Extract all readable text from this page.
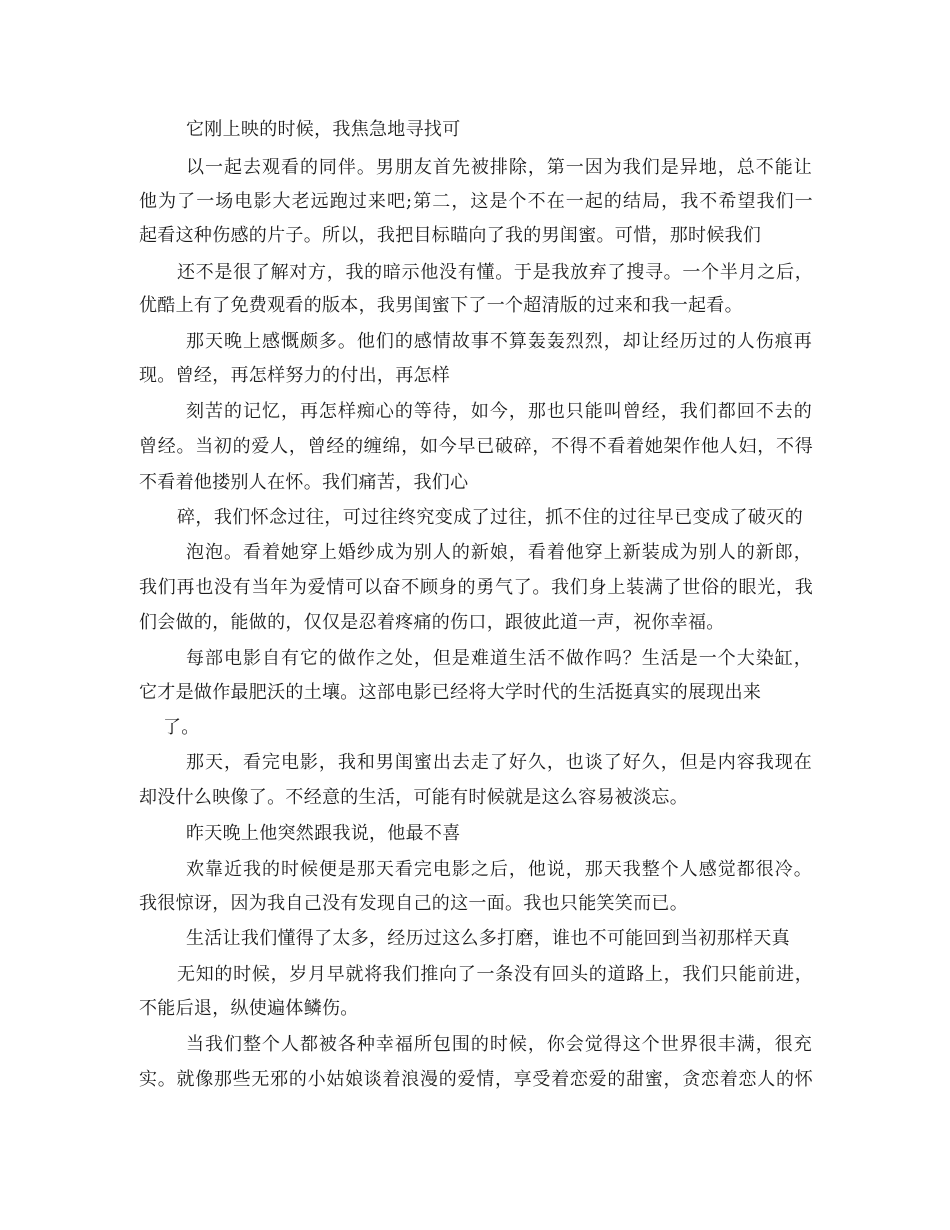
它刚上映的时候，我焦急地寻找可
以一起去观看的同伴。男朋友首先被排除，第一因为我们是异地，总不能让
他为了一场电影大老远跑过来吧;第二，这是个不在一起的结局，我不希望我们一
起看这种伤感的片子。所以，我把目标瞄向了我的男闺蜜。可惜，那时候我们
还不是很了解对方，我的暗示他没有懂。于是我放弃了搜寻。一个半月之后，
优酷上有了免费观看的版本，我男闺蜜下了一个超清版的过来和我一起看。
那天晚上感慨颇多。他们的感情故事不算轰轰烈烈，却让经历过的人伤痕再
现。曾经，再怎样努力的付出，再怎样
刻苦的记忆，再怎样痴心的等待，如今，那也只能叫曾经，我们都回不去的
曾经。当初的爱人，曾经的缠绵，如今早已破碎，不得不看着她架作他人妇，不得
不看着他搂别人在怀。我们痛苦，我们心
碎，我们怀念过往，可过往终究变成了过往，抓不住的过往早已变成了破灭的
泡泡。看着她穿上婚纱成为别人的新娘，看着他穿上新装成为别人的新郎，
我们再也没有当年为爱情可以奋不顾身的勇气了。我们身上装满了世俗的眼光，我
们会做的，能做的，仅仅是忍着疼痛的伤口，跟彼此道一声，祝你幸福。
每部电影自有它的做作之处，但是难道生活不做作吗？生活是一个大染缸，
它才是做作最肥沃的土壤。这部电影已经将大学时代的生活挺真实的展现出来
了。
那天，看完电影，我和男闺蜜出去走了好久，也谈了好久，但是内容我现在
却没什么映像了。不经意的生活，可能有时候就是这么容易被淡忘。
昨天晚上他突然跟我说，他最不喜
欢靠近我的时候便是那天看完电影之后，他说，那天我整个人感觉都很冷。
我很惊讶，因为我自己没有发现自己的这一面。我也只能笑笑而已。
生活让我们懂得了太多，经历过这么多打磨，谁也不可能回到当初那样天真
无知的时候，岁月早就将我们推向了一条没有回头的道路上，我们只能前进，
不能后退，纵使遍体鳞伤。
当我们整个人都被各种幸福所包围的时候，你会觉得这个世界很丰满，很充
实。就像那些无邪的小姑娘谈着浪漫的爱情，享受着恋爱的甜蜜，贪恋着恋人的怀
